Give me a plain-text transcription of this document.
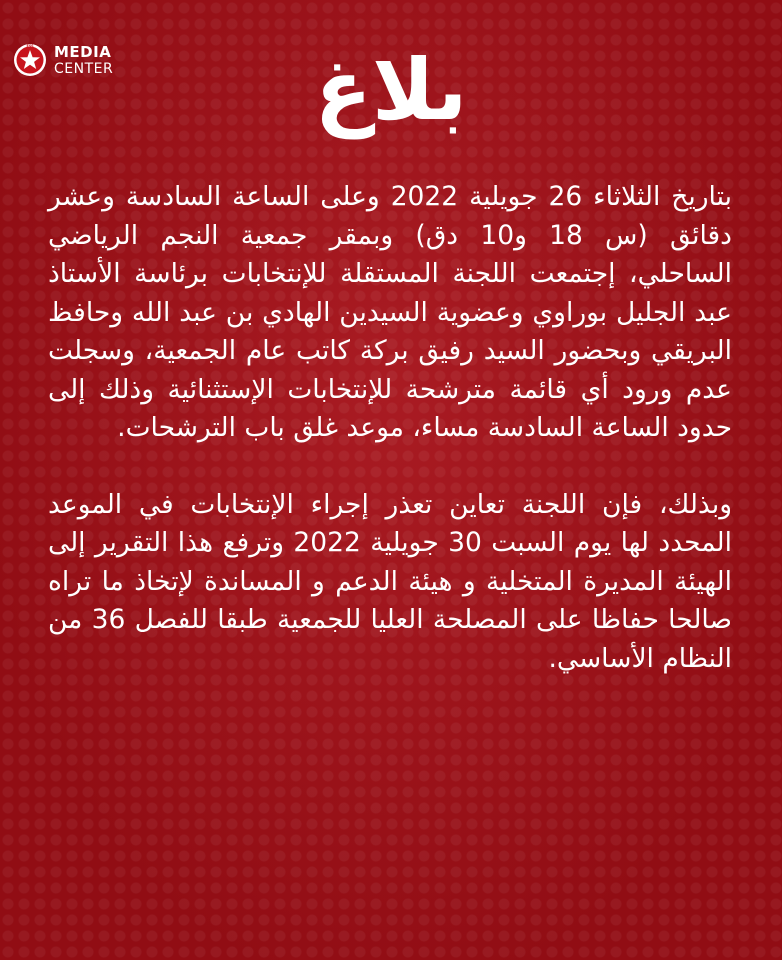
ESS MEDIA
CENTER	بلاغ

بتاريخ الثلاثاء 26 جويلية 2022 وعلى الساعة السادسة وعشر دقائق (س 18 و10 دق) وبمقر جمعية النجم الرياضي الساحلي، إجتمعت اللجنة المستقلة للإنتخابات برئاسة الأستاذ عبد الجليل بوراوي وعضوية السيدين الهادي بن عبد الله وحافظ البريقي وبحضور السيد رفيق بركة كاتب عام الجمعية، وسجلت عدم ورود أي قائمة مترشحة للإنتخابات الإستثنائية وذلك إلى حدود الساعة السادسة مساء، موعد غلق باب الترشحات.

وبذلك، فإن اللجنة تعاين تعذر إجراء الإنتخابات في الموعد المحدد لها يوم السبت 30 جويلية 2022 وترفع هذا التقرير إلى الهيئة المديرة المتخلية و هيئة الدعم و المساندة لإتخاذ ما تراه صالحا حفاظا على المصلحة العليا للجمعية طبقا للفصل 36 من النظام الأساسي.
